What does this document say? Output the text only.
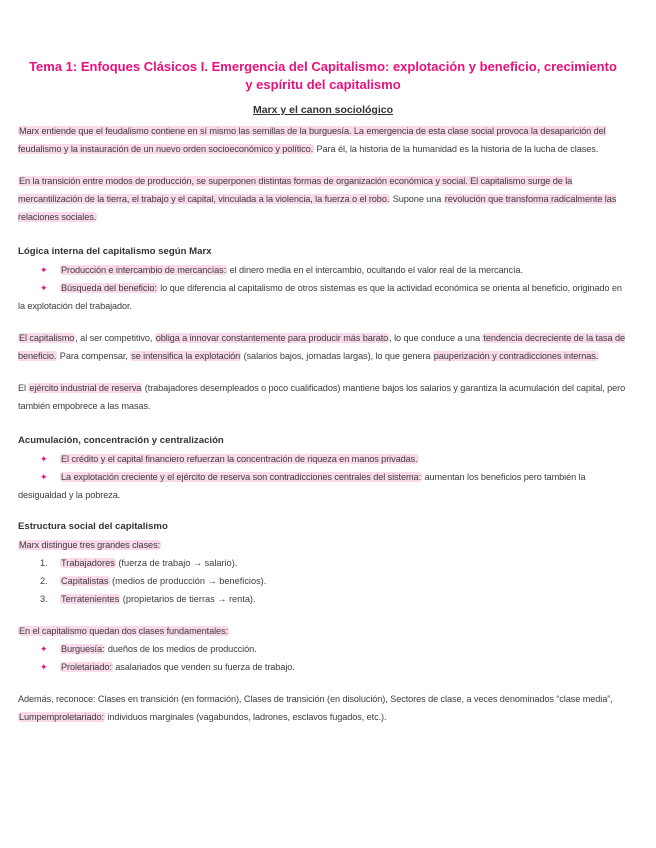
Tema 1: Enfoques Clásicos I. Emergencia del Capitalismo: explotación y beneficio, crecimiento y espíritu del capitalismo
Marx y el canon sociológico

Marx entiende que el feudalismo contiene en sí mismo las semillas de la burguesía. La emergencia de esta clase social provoca la desaparición del feudalismo y la instauración de un nuevo orden socioeconómico y político. Para él, la historia de la humanidad es la historia de la lucha de clases.

En la transición entre modos de producción, se superponen distintas formas de organización económica y social. El capitalismo surge de la mercantilización de la tierra, el trabajo y el capital, vinculada a la violencia, la fuerza o el robo. Supone una revolución que transforma radicalmente las relaciones sociales.

Lógica interna del capitalismo según Marx
✦ Producción e intercambio de mercancías: el dinero media en el intercambio, ocultando el valor real de la mercancía.
✦ Búsqueda del beneficio: lo que diferencia al capitalismo de otros sistemas es que la actividad económica se orienta al beneficio, originado en la explotación del trabajador.

El capitalismo, al ser competitivo, obliga a innovar constantemente para producir más barato, lo que conduce a una tendencia decreciente de la tasa de beneficio. Para compensar, se intensifica la explotación (salarios bajos, jornadas largas), lo que genera pauperización y contradicciones internas.

El ejército industrial de reserva (trabajadores desempleados o poco cualificados) mantiene bajos los salarios y garantiza la acumulación del capital, pero también empobrece a las masas.

Acumulación, concentración y centralización
✦ El crédito y el capital financiero refuerzan la concentración de riqueza en manos privadas.
✦ La explotación creciente y el ejército de reserva son contradicciones centrales del sistema: aumentan los beneficios pero también la desigualdad y la pobreza.
Estructura social del capitalismo

Marx distingue tres grandes clases:

1. Trabajadores (fuerza de trabajo → salario).
2. Capitalistas (medios de producción → beneficios).
3. Terratenientes (propietarios de tierras → renta).

En el capitalismo quedan dos clases fundamentales:

✦ Burguesía: dueños de los medios de producción.
✦ Proletariado: asalariados que venden su fuerza de trabajo.

Además, reconoce: Clases en transición (en formación), Clases de transición (en disolución), Sectores de clase, a veces denominados “clase media”, Lumpemproletariado: individuos marginales (vagabundos, ladrones, esclavos fugados, etc.).
